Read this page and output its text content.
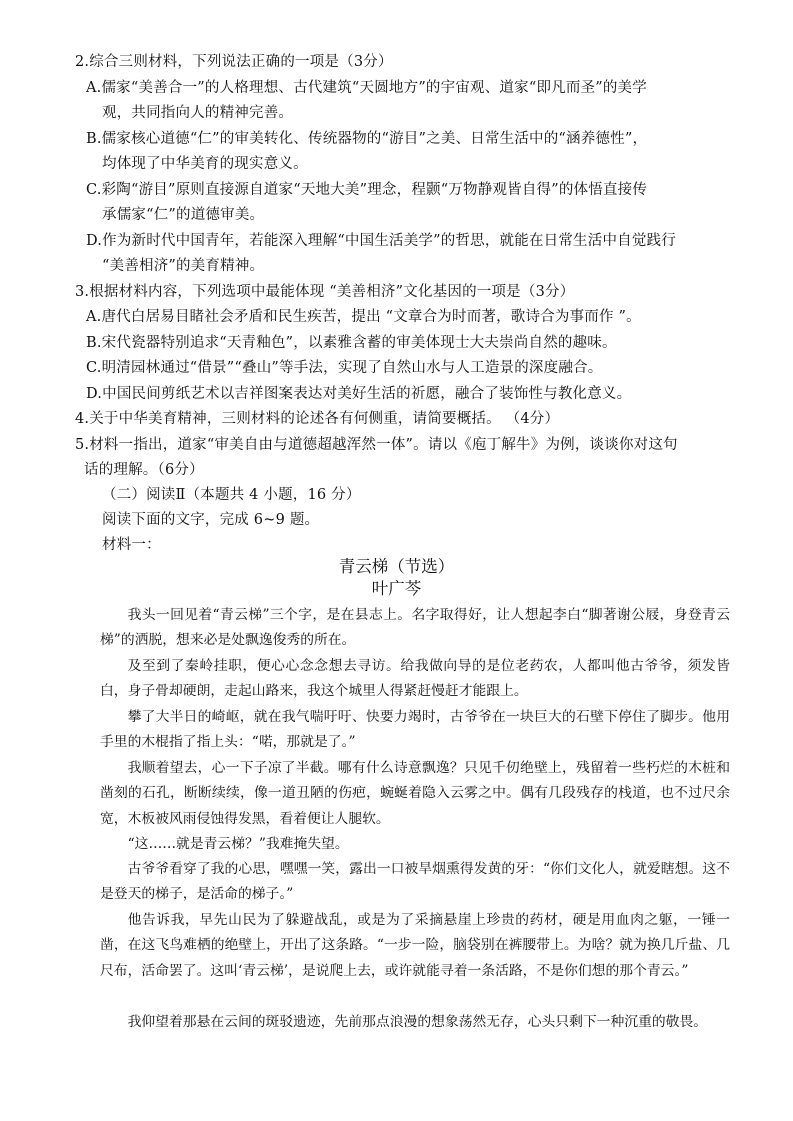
2.综合三则材料，下列说法正确的一项是（3分）
A.儒家“美善合一”的人格理想、古代建筑“天圆地方”的宇宙观、道家“即凡而圣”的美学
观，共同指向人的精神完善。
B.儒家核心道德“仁”的审美转化、传统器物的“游目”之美、日常生活中的“涵养德性”，
均体现了中华美育的现实意义。
C.彩陶“游目”原则直接源自道家“天地大美”理念，程颢“万物静观皆自得”的体悟直接传
承儒家“仁”的道德审美。
D.作为新时代中国青年，若能深入理解“中国生活美学”的哲思，就能在日常生活中自觉践行
“美善相济”的美育精神。
3.根据材料内容，下列选项中最能体现 “美善相济”文化基因的一项是（3分）
A.唐代白居易目睹社会矛盾和民生疾苦，提出 “文章合为时而著，歌诗合为事而作 ”。
B.宋代瓷器特别追求“天青釉色”，以素雅含蓄的审美体现士大夫崇尚自然的趣味。
C.明清园林通过“借景”“叠山”等手法，实现了自然山水与人工造景的深度融合。
D.中国民间剪纸艺术以吉祥图案表达对美好生活的祈愿，融合了装饰性与教化意义。
4.关于中华美育精神，三则材料的论述各有何侧重，请简要概括。 （4分）
5.材料一指出，道家“审美自由与道德超越浑然一体”。请以《庖丁解牛》为例，谈谈你对这句
话的理解。（6分）
（二）阅读Ⅱ（本题共 4 小题，16 分）
阅读下面的文字，完成 6~9 题。
材料一：
青云梯（节选）
叶广芩
我头一回见着“青云梯”三个字，是在县志上。名字取得好，让人想起李白“脚著谢公屐，身登青云梯”的洒脱，想来必是处飘逸俊秀的所在。
及至到了秦岭挂职，便心心念念想去寻访。给我做向导的是位老药农，人都叫他古爷爷，须发皆白，身子骨却硬朗，走起山路来，我这个城里人得紧赶慢赶才能跟上。
攀了大半日的崎岖，就在我气喘吁吁、快要力竭时，古爷爷在一块巨大的石壁下停住了脚步。他用手里的木棍指了指上头：“喏，那就是了。”
我顺着望去，心一下子凉了半截。哪有什么诗意飘逸？只见千仞绝壁上，残留着一些朽烂的木桩和凿刻的石孔，断断续续，像一道丑陋的伤疤，蜿蜒着隐入云雾之中。偶有几段残存的栈道，也不过尺余宽，木板被风雨侵蚀得发黑，看着便让人腿软。
“这……就是青云梯？”我难掩失望。
古爷爷看穿了我的心思，嘿嘿一笑，露出一口被旱烟熏得发黄的牙：“你们文化人，就爱瞎想。这不是登天的梯子，是活命的梯子。”
他告诉我，早先山民为了躲避战乱，或是为了采摘悬崖上珍贵的药材，硬是用血肉之躯，一锤一凿，在这飞鸟难栖的绝壁上，开出了这条路。“一步一险，脑袋别在裤腰带上。为啥？就为换几斤盐、几尺布，活命罢了。这叫‘青云梯’，是说爬上去，或许就能寻着一条活路，不是你们想的那个青云。”
我仰望着那悬在云间的斑驳遗迹，先前那点浪漫的想象荡然无存，心头只剩下一种沉重的敬畏。
